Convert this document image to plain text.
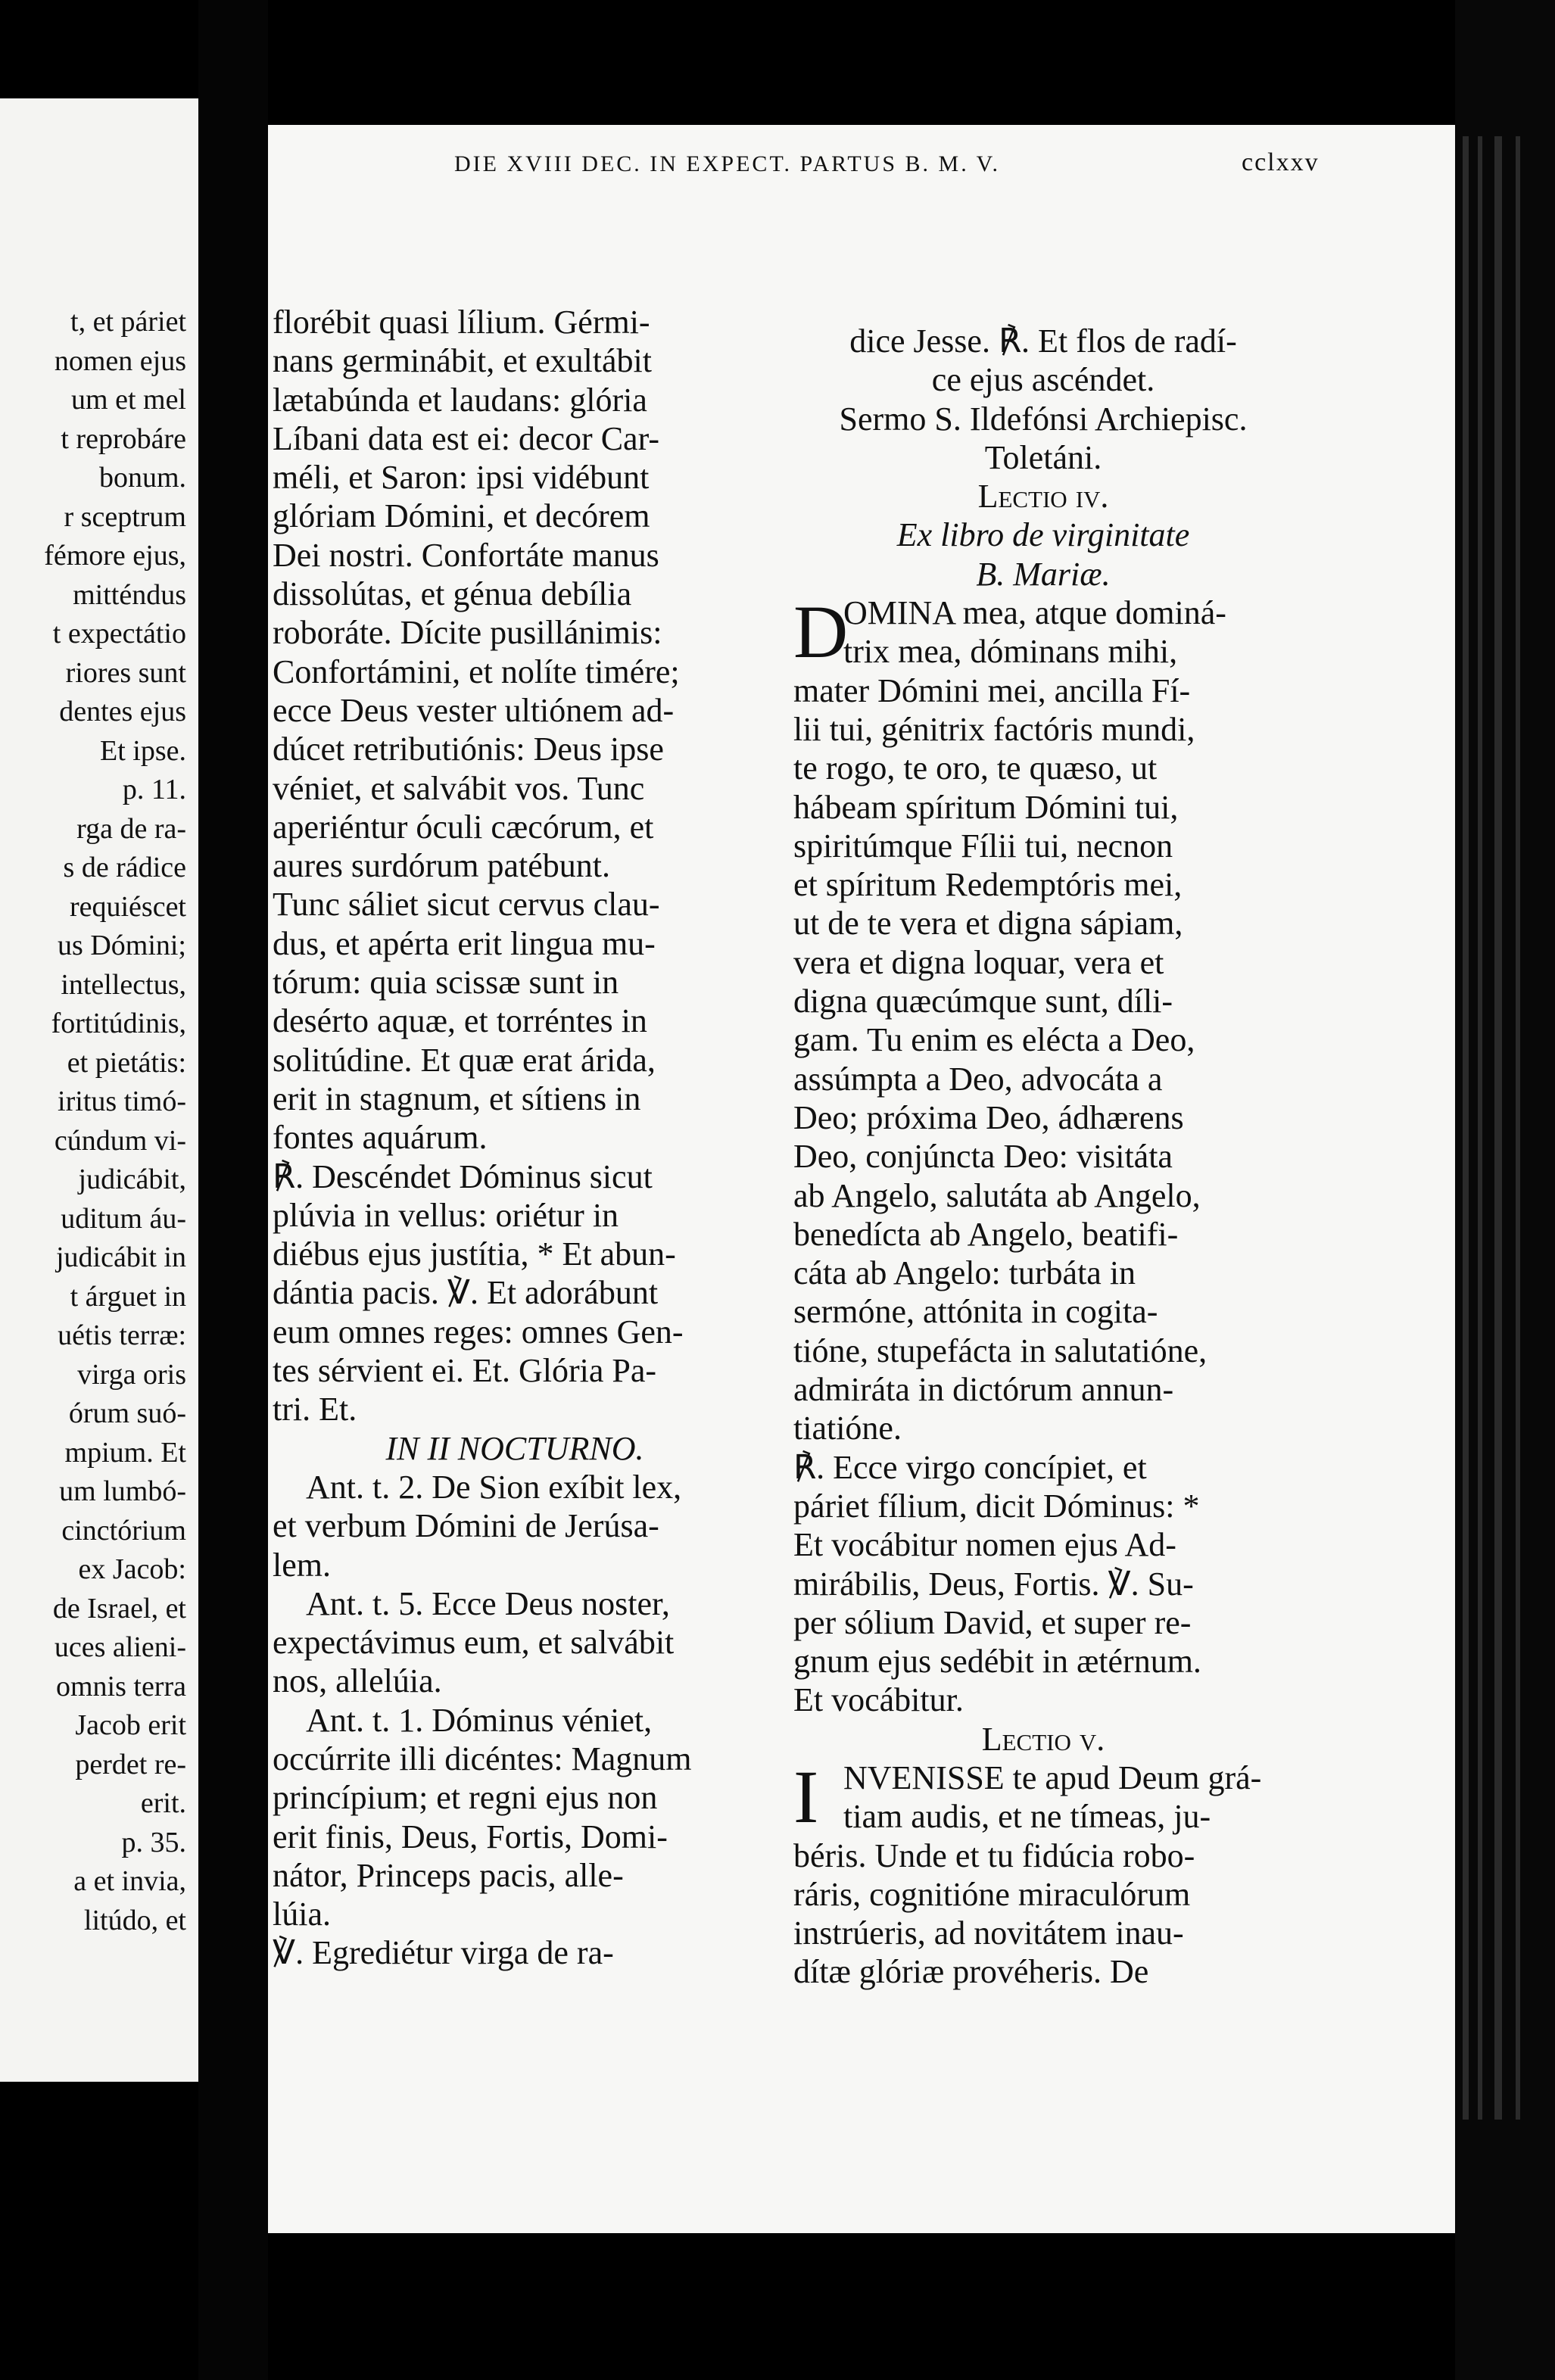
t, et páriet
nomen ejus
um et mel
t reprobáre
bonum.
r sceptrum
fémore ejus,
mitténdus
t expectátio
riores sunt
dentes ejus
Et ipse.
p. 11.
rga de ra-
s de rádice
requiéscet
us Dómini;
intellectus,
fortitúdinis,
et pietátis:
iritus timó-
cúndum vi-
judicábit,
uditum áu-
judicábit in
t árguet in
uétis terræ:
virga oris
órum suó-
mpium. Et
um lumbó-
cinctórium
ex Jacob:
de Israel, et
uces alieni-
omnis terra
Jacob erit
perdet re-
erit.
p. 35.
a et invia,
litúdo, et
DIE XVIII DEC. IN EXPECT. PARTUS B. M. V.	cclxxv
florébit quasi lílium. Gérmi-
nans germinábit, et exultábit
lætabúnda et laudans: glória
Líbani data est ei: decor Car-
méli, et Saron: ipsi vidébunt
glóriam Dómini, et decórem
Dei nostri. Confortáte manus
dissolútas, et génua debília
roboráte. Dícite pusillánimis:
Confortámini, et nolíte timére;
ecce Deus vester ultiónem ad-
dúcet retributiónis: Deus ipse
véniet, et salvábit vos. Tunc
aperiéntur óculi cæcórum, et
aures surdórum patébunt.
Tunc sáliet sicut cervus clau-
dus, et apérta erit lingua mu-
tórum: quia scissæ sunt in
desérto aquæ, et torréntes in
solitúdine. Et quæ erat árida,
erit in stagnum, et sítiens in
fontes aquárum.
℟. Descéndet Dóminus sicut
plúvia in vellus: oriétur in
diébus ejus justítia, * Et abun-
dántia pacis. ℣. Et adorábunt
eum omnes reges: omnes Gen-
tes sérvient ei. Et. Glória Pa-
tri. Et.
IN II NOCTURNO.
Ant. t. 2. De Sion exíbit lex,
et verbum Dómini de Jerúsa-
lem.
Ant. t. 5. Ecce Deus noster,
expectávimus eum, et salvábit
nos, allelúia.
Ant. t. 1. Dóminus véniet,
occúrrite illi dicéntes: Magnum
princípium; et regni ejus non
erit finis, Deus, Fortis, Domi-
nátor, Princeps pacis, alle-
lúia.
℣. Egrediétur virga de ra-
dice Jesse. ℟. Et flos de radí-
ce ejus ascéndet.
Sermo S. Ildefónsi Archiepisc.
Toletáni.
Lectio iv.
Ex libro de virginitate
B. Mariæ.
D
OMINA mea, atque dominá-
trix mea, dóminans mihi,
mater Dómini mei, ancilla Fí-
lii tui, génitrix factóris mundi,
te rogo, te oro, te quæso, ut
hábeam spíritum Dómini tui,
spiritúmque Fílii tui, necnon
et spíritum Redemptóris mei,
ut de te vera et digna sápiam,
vera et digna loquar, vera et
digna quæcúmque sunt, díli-
gam. Tu enim es elécta a Deo,
assúmpta a Deo, advocáta a
Deo; próxima Deo, ádhærens
Deo, conjúncta Deo: visitáta
ab Angelo, salutáta ab Angelo,
benedícta ab Angelo, beatifi-
cáta ab Angelo: turbáta in
sermóne, attónita in cogita-
tióne, stupefácta in salutatióne,
admiráta in dictórum annun-
tiatióne.
℟. Ecce virgo concípiet, et
páriet fílium, dicit Dóminus: *
Et vocábitur nomen ejus Ad-
mirábilis, Deus, Fortis. ℣. Su-
per sólium David, et super re-
gnum ejus sedébit in ætérnum.
Et vocábitur.
Lectio v.
I NVENISSE te apud Deum grá-
tiam audis, et ne tímeas, ju-
béris. Unde et tu fidúcia robo-
ráris, cognitióne miraculórum
instrúeris, ad novitátem inau-
dítæ glóriæ provéheris. De
